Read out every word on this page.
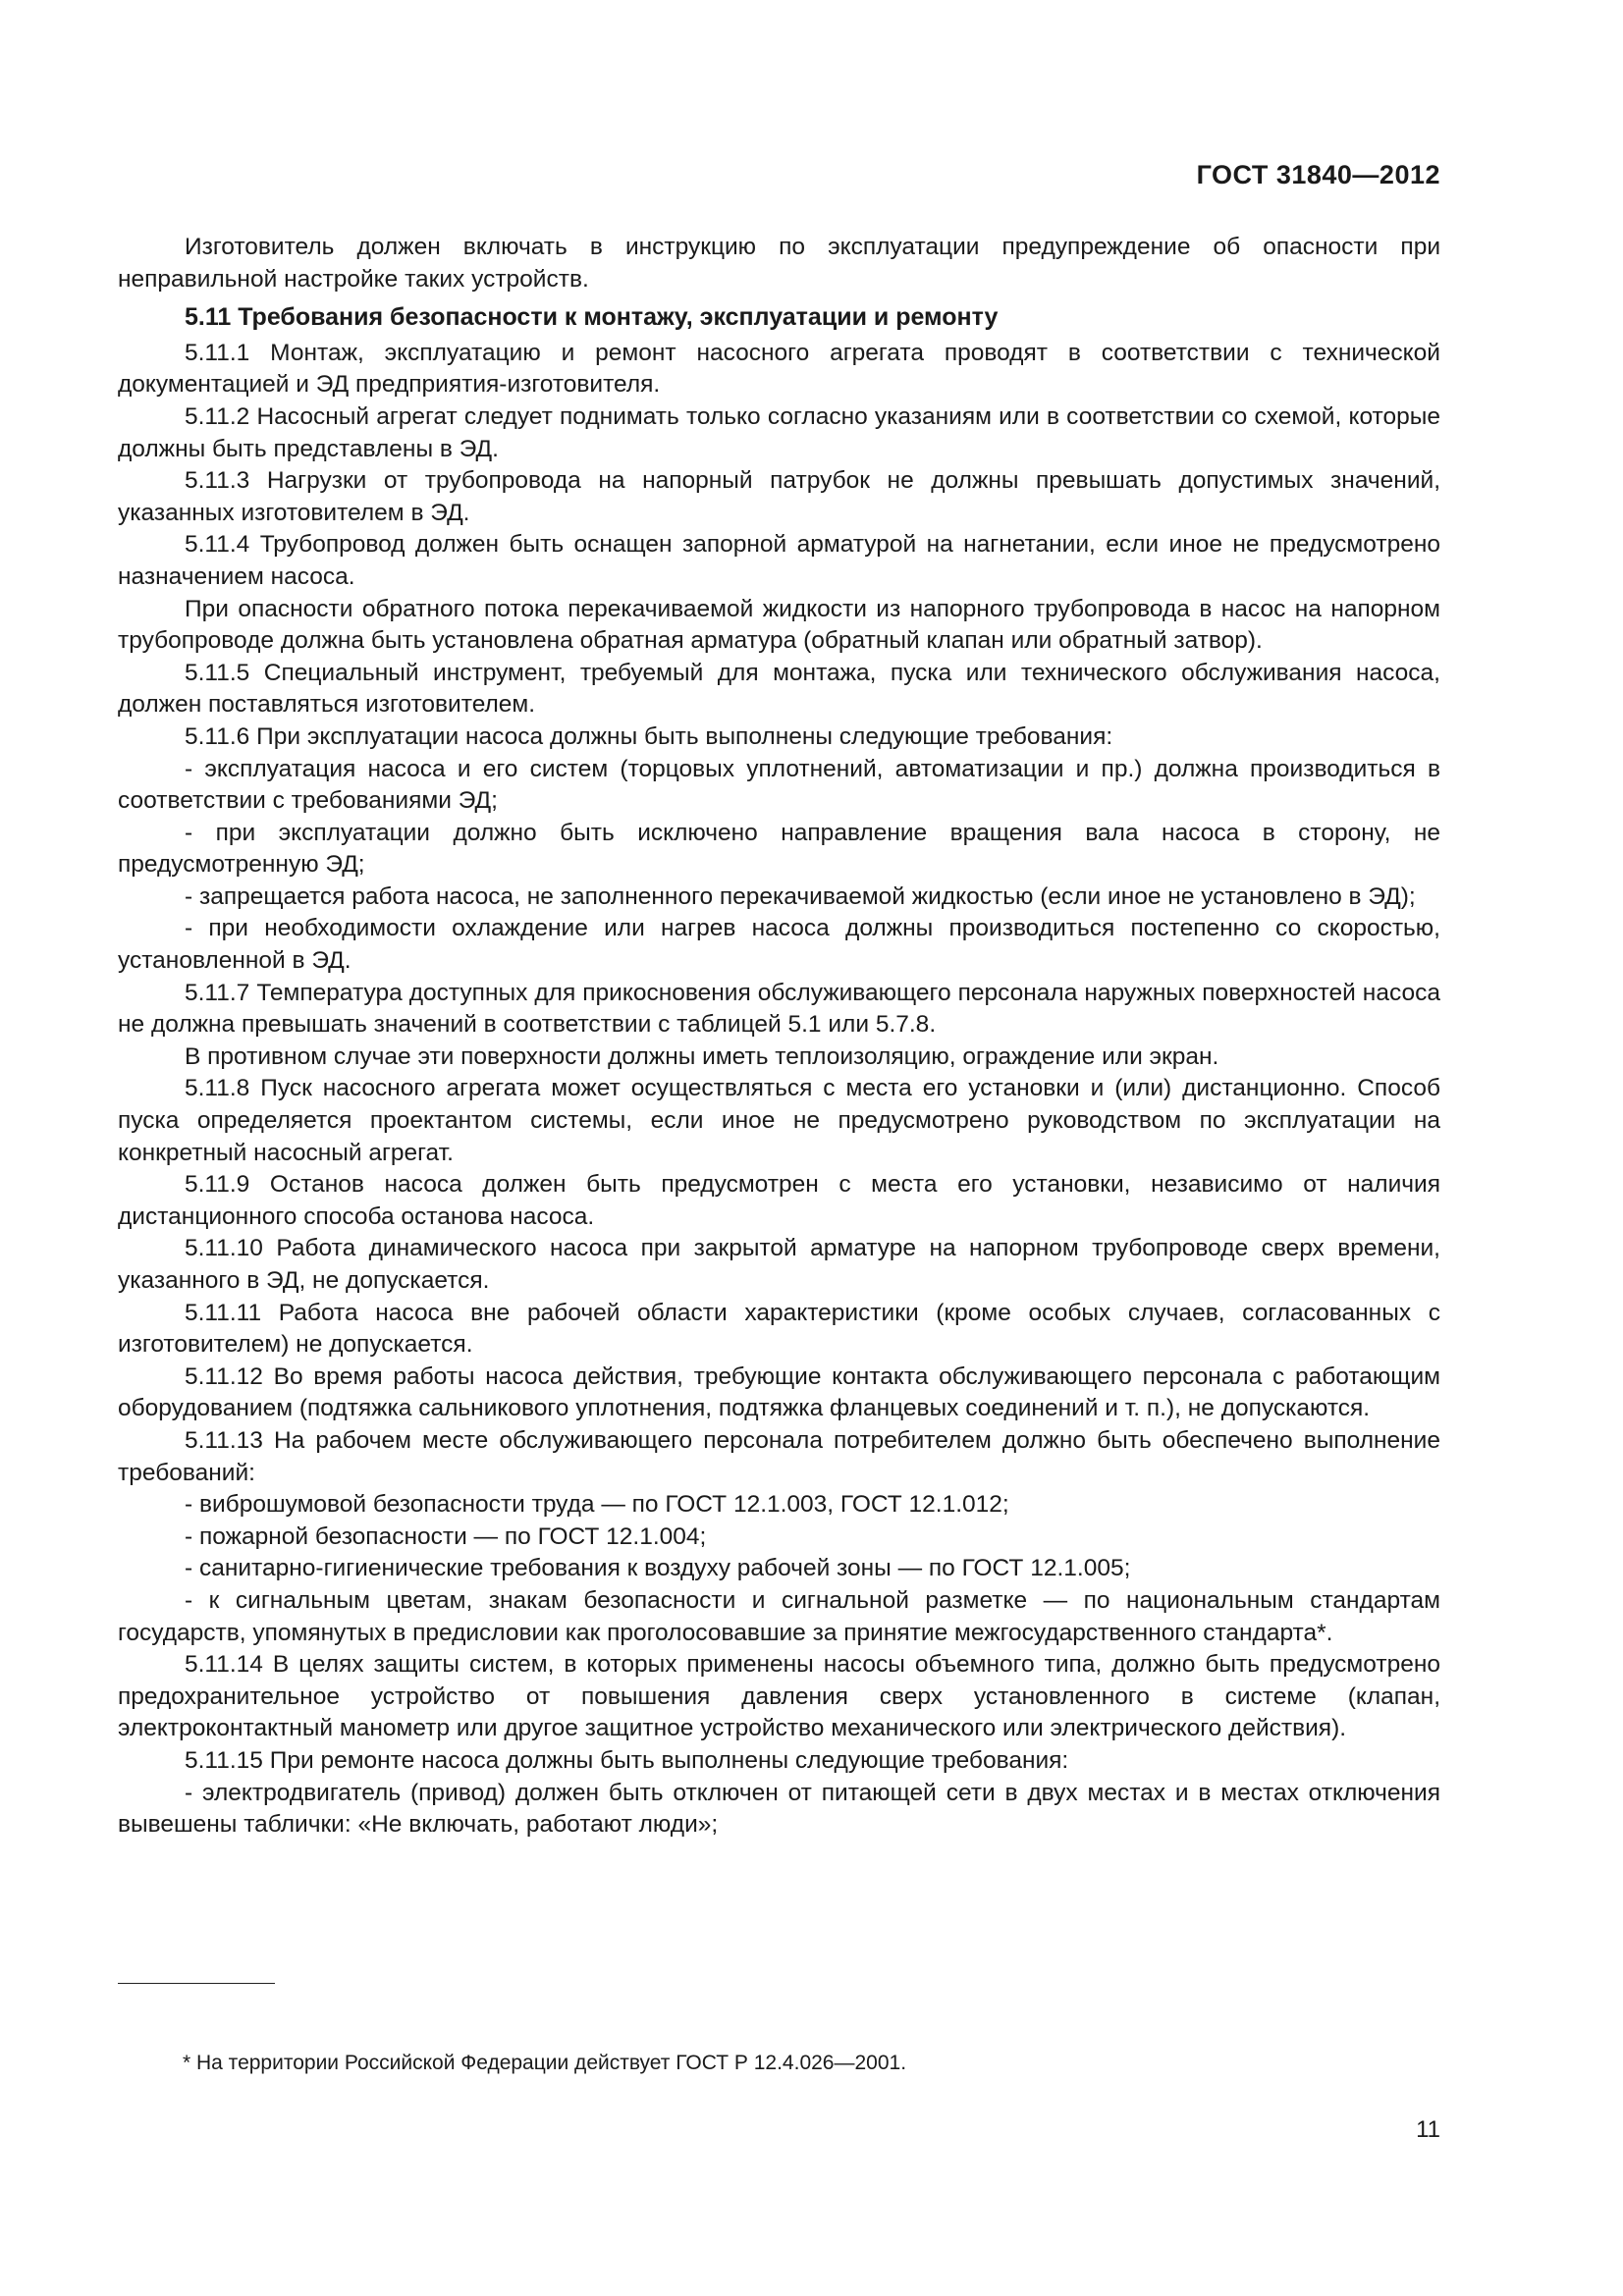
ГОСТ 31840—2012

Изготовитель должен включать в инструкцию по эксплуатации предупреждение об опасности при неправильной настройке таких устройств.

5.11 Требования безопасности к монтажу, эксплуатации и ремонту

5.11.1 Монтаж, эксплуатацию и ремонт насосного агрегата проводят в соответствии с технической документацией и ЭД предприятия-изготовителя.

5.11.2 Насосный агрегат следует поднимать только согласно указаниям или в соответствии со схемой, которые должны быть представлены в ЭД.

5.11.3 Нагрузки от трубопровода на напорный патрубок не должны превышать допустимых значений, указанных изготовителем в ЭД.

5.11.4 Трубопровод должен быть оснащен запорной арматурой на нагнетании, если иное не предусмотрено назначением насоса.

При опасности обратного потока перекачиваемой жидкости из напорного трубопровода в насос на напорном трубопроводе должна быть установлена обратная арматура (обратный клапан или обратный затвор).

5.11.5 Специальный инструмент, требуемый для монтажа, пуска или технического обслуживания насоса, должен поставляться изготовителем.

5.11.6 При эксплуатации насоса должны быть выполнены следующие требования:

- эксплуатация насоса и его систем (торцовых уплотнений, автоматизации и пр.) должна производиться в соответствии с требованиями ЭД;

- при эксплуатации должно быть исключено направление вращения вала насоса в сторону, не предусмотренную ЭД;

- запрещается работа насоса, не заполненного перекачиваемой жидкостью (если иное не установлено в ЭД);

- при необходимости охлаждение или нагрев насоса должны производиться постепенно со скоростью, установленной в ЭД.

5.11.7 Температура доступных для прикосновения обслуживающего персонала наружных поверхностей насоса не должна превышать значений в соответствии с таблицей 5.1 или 5.7.8.

В противном случае эти поверхности должны иметь теплоизоляцию, ограждение или экран.

5.11.8 Пуск насосного агрегата может осуществляться с места его установки и (или) дистанционно. Способ пуска определяется проектантом системы, если иное не предусмотрено руководством по эксплуатации на конкретный насосный агрегат.

5.11.9 Останов насоса должен быть предусмотрен с места его установки, независимо от наличия дистанционного способа останова насоса.

5.11.10 Работа динамического насоса при закрытой арматуре на напорном трубопроводе сверх времени, указанного в ЭД, не допускается.

5.11.11 Работа насоса вне рабочей области характеристики (кроме особых случаев, согласованных с изготовителем) не допускается.

5.11.12 Во время работы насоса действия, требующие контакта обслуживающего персонала с работающим оборудованием (подтяжка сальникового уплотнения, подтяжка фланцевых соединений и т. п.), не допускаются.

5.11.13 На рабочем месте обслуживающего персонала потребителем должно быть обеспечено выполнение требований:

- виброшумовой безопасности труда — по ГОСТ 12.1.003, ГОСТ 12.1.012;

- пожарной безопасности — по ГОСТ 12.1.004;

- санитарно-гигиенические требования к воздуху рабочей зоны — по ГОСТ 12.1.005;

- к сигнальным цветам, знакам безопасности и сигнальной разметке — по национальным стандартам государств, упомянутых в предисловии как проголосовавшие за принятие межгосударственного стандарта*.

5.11.14 В целях защиты систем, в которых применены насосы объемного типа, должно быть предусмотрено предохранительное устройство от повышения давления сверх установленного в системе (клапан, электроконтактный манометр или другое защитное устройство механического или электрического действия).

5.11.15 При ремонте насоса должны быть выполнены следующие требования:

- электродвигатель (привод) должен быть отключен от питающей сети в двух местах и в местах отключения вывешены таблички: «Не включать, работают люди»;

* На территории Российской Федерации действует ГОСТ Р 12.4.026—2001.
11
